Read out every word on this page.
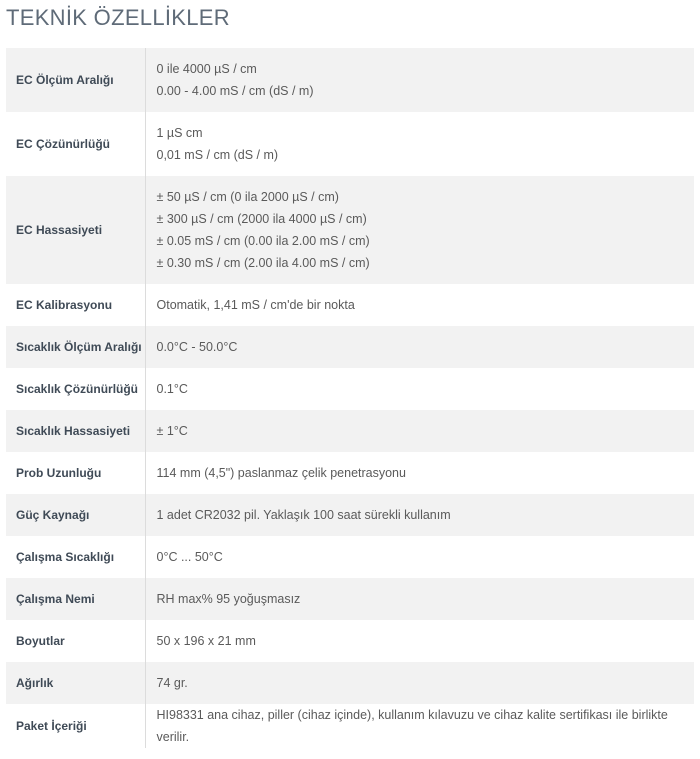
TEKNİK ÖZELLİKLER
EC Ölçüm Aralığı	0 ile 4000 µS / cm
0.00 - 4.00 mS / cm (dS / m)

EC Çözünürlüğü	1 µS cm
0,01 mS / cm (dS / m)

EC Hassasiyeti	± 50 µS / cm (0 ila 2000 µS / cm)
± 300 µS / cm (2000 ila 4000 µS / cm)
± 0.05 mS / cm (0.00 ila 2.00 mS / cm)
± 0.30 mS / cm (2.00 ila 4.00 mS / cm)

EC Kalibrasyonu	Otomatik, 1,41 mS / cm'de bir nokta

Sıcaklık Ölçüm Aralığı	0.0°C - 50.0°C

Sıcaklık Çözünürlüğü	0.1°C

Sıcaklık Hassasiyeti	± 1°C

Prob Uzunluğu	114 mm (4,5") paslanmaz çelik penetrasyonu

Güç Kaynağı	1 adet CR2032 pil. Yaklaşık 100 saat sürekli kullanım

Çalışma Sıcaklığı	0°C ... 50°C

Çalışma Nemi	RH max% 95 yoğuşmasız

Boyutlar	50 x 196 x 21 mm

Ağırlık	74 gr.

Paket İçeriği	HI98331 ana cihaz, piller (cihaz içinde), kullanım kılavuzu ve cihaz kalite sertifikası ile birlikte verilir.
